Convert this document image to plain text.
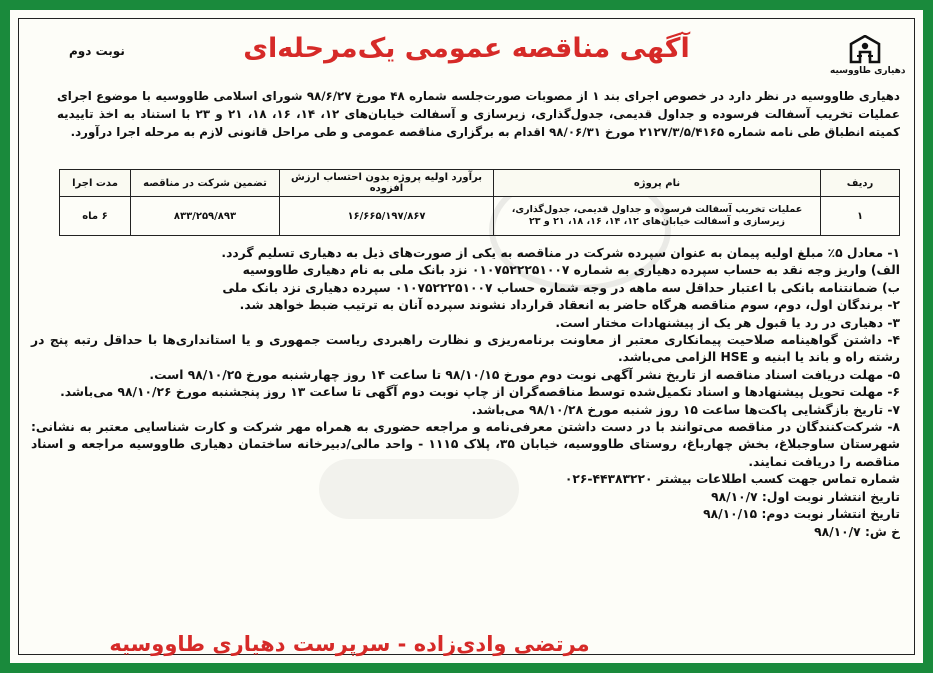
دهیاری طاووسیه
آگهی مناقصه عمومی یک‌مرحله‌ای
نوبت دوم
دهیاری طاووسیه در نظر دارد در خصوص اجرای بند ۱ از مصوبات صورت‌جلسه شماره ۴۸ مورخ ۹۸/۶/۲۷ شورای اسلامی طاووسیه با موضوع اجرای عملیات تخریب آسفالت فرسوده و جداول قدیمی، جدول‌گذاری، زیرسازی و آسفالت خیابان‌های ۱۲، ۱۴، ۱۶، ۱۸، ۲۱ و ۲۳ با استناد به اخذ تاییدیه کمیته انطباق طی نامه شماره ۲۱۲۷/۳/۵/۴۱۶۵ مورخ ۹۸/۰۶/۳۱ اقدام به برگزاری مناقصه عمومی و طی مراحل قانونی لازم به مرحله اجرا درآورد.
ردیف	نام پروژه	برآورد اولیه پروژه بدون احتساب ارزش افزوده	تضمین شرکت در مناقصه	مدت اجرا
۱	عملیات تخریب آسفالت فرسوده و جداول قدیمی، جدول‌گذاری، زیرسازی و آسفالت خیابان‌های ۱۲، ۱۴، ۱۶، ۱۸، ۲۱ و ۲۳	۱۶/۶۶۵/۱۹۷/۸۶۷	۸۳۳/۲۵۹/۸۹۳	۶ ماه

۱- معادل ۵٪ مبلغ اولیه پیمان به عنوان سپرده شرکت در مناقصه به یکی از صورت‌های ذیل به دهیاری تسلیم گردد.

الف) واریز وجه نقد به حساب سپرده دهیاری به شماره ۰۱۰۷۵۲۲۲۵۱۰۰۷ نزد بانک ملی به نام دهیاری طاووسیه

ب) ضمانتنامه بانکی با اعتبار حداقل سه ماهه در وجه شماره حساب ۰۱۰۷۵۲۲۲۵۱۰۰۷ سپرده دهیاری نزد بانک ملی

۲- برندگان اول، دوم، سوم مناقصه هرگاه حاضر به انعقاد قرارداد نشوند سپرده آنان به ترتیب ضبط خواهد شد.

۳- دهیاری در رد یا قبول هر یک از پیشنهادات مختار است.

۴- داشتن گواهینامه صلاحیت پیمانکاری معتبر از معاونت برنامه‌ریزی و نظارت راهبردی ریاست جمهوری و یا استانداری‌ها با حداقل رتبه پنج در رشته راه و باند یا ابنیه و HSE الزامی می‌باشد.

۵- مهلت دریافت اسناد مناقصه از تاریخ نشر آگهی نوبت دوم مورخ ۹۸/۱۰/۱۵ تا ساعت ۱۴ روز چهارشنبه مورخ ۹۸/۱۰/۲۵ است.

۶- مهلت تحویل پیشنهادها و اسناد تکمیل‌شده توسط مناقصه‌گران از چاپ نوبت دوم آگهی تا ساعت ۱۳ روز پنجشنبه مورخ ۹۸/۱۰/۲۶ می‌باشد.

۷- تاریخ بازگشایی پاکت‌ها ساعت ۱۵ روز شنبه مورخ ۹۸/۱۰/۲۸ می‌باشد.

۸- شرکت‌کنندگان در مناقصه می‌توانند با در دست داشتن معرفی‌نامه و مراجعه حضوری به همراه مهر شرکت و کارت شناسایی معتبر به نشانی: شهرستان ساوجبلاغ، بخش چهارباغ، روستای طاووسیه، خیابان ۳۵، پلاک ۱۱۱۵ - واحد مالی/دبیرخانه ساختمان دهیاری طاووسیه مراجعه و اسناد مناقصه را دریافت نمایند.

شماره تماس جهت کسب اطلاعات بیشتر ۴۴۳۸۳۲۲۰-۰۲۶

تاریخ انتشار نوبت اول: ۹۸/۱۰/۷

تاریخ انتشار نوبت دوم: ۹۸/۱۰/۱۵

خ ش: ۹۸/۱۰/۷

مرتضی وادی‌زاده - سرپرست دهیاری طاووسیه
